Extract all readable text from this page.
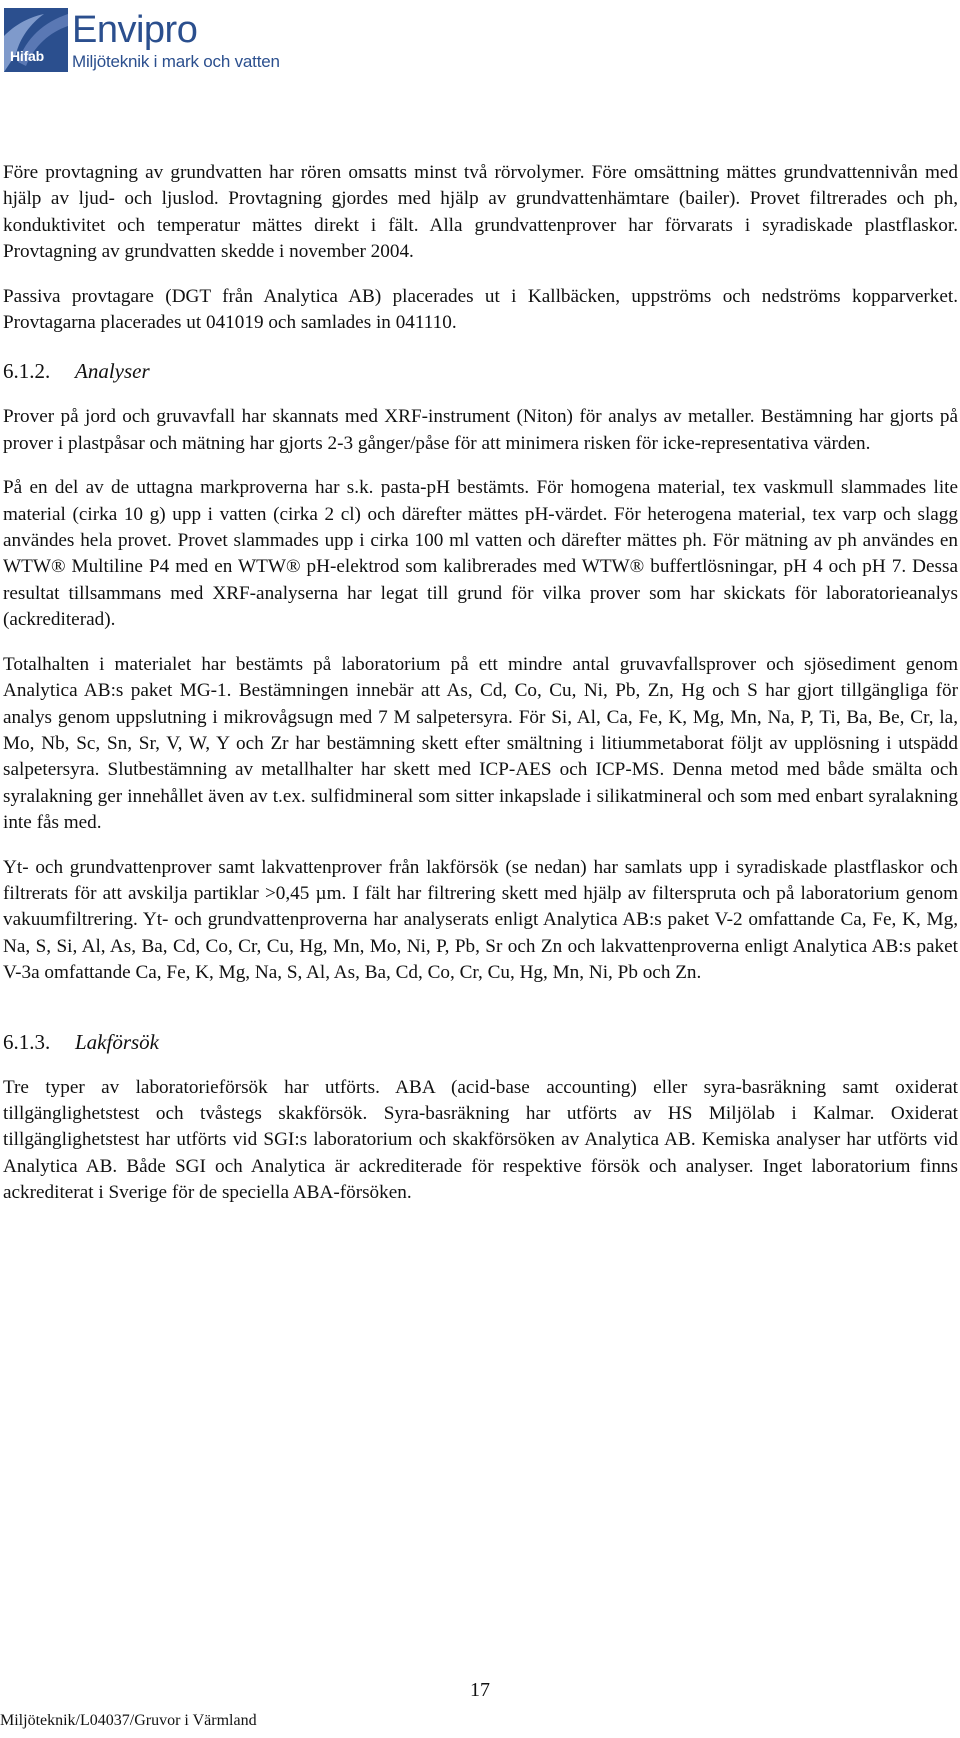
Hifab
Envipro
Miljöteknik i mark och vatten

Före provtagning av grundvatten har rören omsatts minst två rörvolymer. Före omsättning mättes grundvattennivån med hjälp av ljud- och ljuslod. Provtagning gjordes med hjälp av grundvattenhämtare (bailer). Provet filtrerades och ph, konduktivitet och temperatur mättes direkt i fält. Alla grundvattenprover har förvarats i syradiskade plastflaskor. Provtagning av grundvatten skedde i november 2004.

Passiva provtagare (DGT från Analytica AB) placerades ut i Kallbäcken, uppströms och nedströms kopparverket. Provtagarna placerades ut 041019 och samlades in 041110.

6.1.2. Analyser

Prover på jord och gruvavfall har skannats med XRF-instrument (Niton) för analys av metaller. Bestämning har gjorts på prover i plastpåsar och mätning har gjorts 2-3 gånger/påse för att minimera risken för icke-representativa värden.

På en del av de uttagna markproverna har s.k. pasta-pH bestämts. För homogena material, tex vaskmull slammades lite material (cirka 10 g) upp i vatten (cirka 2 cl) och därefter mättes pH-värdet. För heterogena material, tex varp och slagg användes hela provet. Provet slammades upp i cirka 100 ml vatten och därefter mättes ph. För mätning av ph användes en WTW® Multiline P4 med en WTW® pH-elektrod som kalibrerades med WTW® buffertlösningar, pH 4 och pH 7. Dessa resultat tillsammans med XRF-analyserna har legat till grund för vilka prover som har skickats för laboratorieanalys (ackrediterad).

Totalhalten i materialet har bestämts på laboratorium på ett mindre antal gruvavfallsprover och sjösediment genom Analytica AB:s paket MG-1. Bestämningen innebär att As, Cd, Co, Cu, Ni, Pb, Zn, Hg och S har gjort tillgängliga för analys genom uppslutning i mikrovågsugn med 7 M salpetersyra. För Si, Al, Ca, Fe, K, Mg, Mn, Na, P, Ti, Ba, Be, Cr, la, Mo, Nb, Sc, Sn, Sr, V, W, Y och Zr har bestämning skett efter smältning i litiummetaborat följt av upplösning i utspädd salpetersyra. Slutbestämning av metallhalter har skett med ICP-AES och ICP-MS. Denna metod med både smälta och syralakning ger innehållet även av t.ex. sulfidmineral som sitter inkapslade i silikatmineral och som med enbart syralakning inte fås med.

Yt- och grundvattenprover samt lakvattenprover från lakförsök (se nedan) har samlats upp i syradiskade plastflaskor och filtrerats för att avskilja partiklar >0,45 µm. I fält har filtrering skett med hjälp av filterspruta och på laboratorium genom vakuumfiltrering. Yt- och grundvattenproverna har analyserats enligt Analytica AB:s paket V-2 omfattande Ca, Fe, K, Mg, Na, S, Si, Al, As, Ba, Cd, Co, Cr, Cu, Hg, Mn, Mo, Ni, P, Pb, Sr och Zn och lakvattenproverna enligt Analytica AB:s paket V-3a omfattande Ca, Fe, K, Mg, Na, S, Al, As, Ba, Cd, Co, Cr, Cu, Hg, Mn, Ni, Pb och Zn.

6.1.3. Lakförsök

Tre typer av laboratorieförsök har utförts. ABA (acid-base accounting) eller syra-basräkning samt oxiderat tillgänglighetstest och tvåstegs skakförsök. Syra-basräkning har utförts av HS Miljölab i Kalmar. Oxiderat tillgänglighetstest har utförts vid SGI:s laboratorium och skakförsöken av Analytica AB. Kemiska analyser har utförts vid Analytica AB. Både SGI och Analytica är ackrediterade för respektive försök och analyser. Inget laboratorium finns ackrediterat i Sverige för de speciella ABA-försöken.

17
Miljöteknik/L04037/Gruvor i Värmland
